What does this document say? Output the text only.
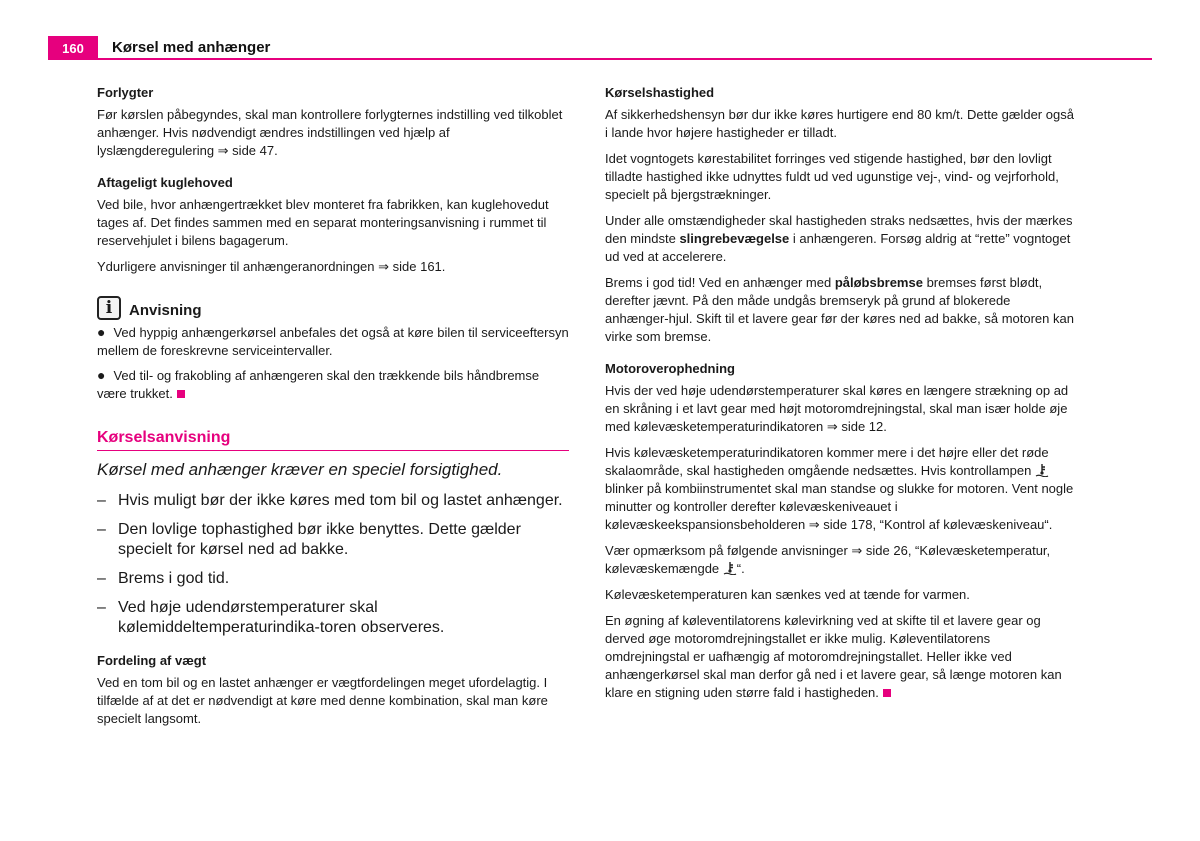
160	Kørsel med anhænger
Forlygter

Før kørslen påbegyndes, skal man kontrollere forlygternes indstilling ved tilkoblet anhænger. Hvis nødvendigt ændres indstillingen ved hjælp af lyslængderegulering ⇒ side 47.

Aftageligt kuglehoved

Ved bile, hvor anhængertrækket blev monteret fra fabrikken, kan kuglehovedut tages af. Det findes sammen med en separat monteringsanvisning i rummet til reservehjulet i bilens bagagerum.

Ydurligere anvisninger til anhængeranordningen ⇒ side 161.

i	Anvisning

● Ved hyppig anhængerkørsel anbefales det også at køre bilen til serviceeftersyn mellem de foreskrevne serviceintervaller.

● Ved til- og frakobling af anhængeren skal den trækkende bils håndbremse være trukket.

Kørselsanvisning
Kørsel med anhænger kræver en speciel forsigtighed.
– Hvis muligt bør der ikke køres med tom bil og lastet anhænger.
– Den lovlige tophastighed bør ikke benyttes. Dette gælder specielt for kørsel ned ad bakke.
– Brems i god tid.
– Ved høje udendørstemperaturer skal kølemiddeltemperaturindika-toren observeres.
Fordeling af vægt

Ved en tom bil og en lastet anhænger er vægtfordelingen meget ufordelagtig. I tilfælde af at det er nødvendigt at køre med denne kombination, skal man køre specielt langsomt.

Kørselshastighed

Af sikkerhedshensyn bør dur ikke køres hurtigere end 80 km/t. Dette gælder også i lande hvor højere hastigheder er tilladt.

Idet vogntogets kørestabilitet forringes ved stigende hastighed, bør den lovligt tilladte hastighed ikke udnyttes fuldt ud ved ugunstige vej-, vind- og vejrforhold, specielt på bjergstrækninger.

Under alle omstændigheder skal hastigheden straks nedsættes, hvis der mærkes den mindste slingrebevægelse i anhængeren. Forsøg aldrig at “rette” vogntoget ud ved at accelerere.

Brems i god tid! Ved en anhænger med påløbsbremse bremses først blødt, derefter jævnt. På den måde undgås bremseryk på grund af blokerede anhænger-hjul. Skift til et lavere gear før der køres ned ad bakke, så motoren kan virke som bremse.

Motoroverophedning

Hvis der ved høje udendørstemperaturer skal køres en længere strækning op ad en skråning i et lavt gear med højt motoromdrejningstal, skal man især holde øje med kølevæsketemperaturindikatoren ⇒ side 12.

Hvis kølevæsketemperaturindikatoren kommer mere i det højre eller det røde skalaområde, skal hastigheden omgående nedsættes. Hvis kontrollampen  blinker på kombiinstrumentet skal man standse og slukke for motoren. Vent nogle minutter og kontroller derefter kølevæskeniveauet i kølevæskeekspansionsbeholderen ⇒ side 178, “Kontrol af kølevæskeniveau“.

Vær opmærksom på følgende anvisninger ⇒ side 26, “Kølevæsketemperatur, kølevæskemængde “.

Kølevæsketemperaturen kan sænkes ved at tænde for varmen.

En øgning af køleventilatorens kølevirkning ved at skifte til et lavere gear og derved øge motoromdrejningstallet er ikke mulig. Køleventilatorens omdrejningstal er uafhængig af motoromdrejningstallet. Heller ikke ved anhængerkørsel skal man derfor gå ned i et lavere gear, så længe motoren kan klare en stigning uden større fald i hastigheden.
